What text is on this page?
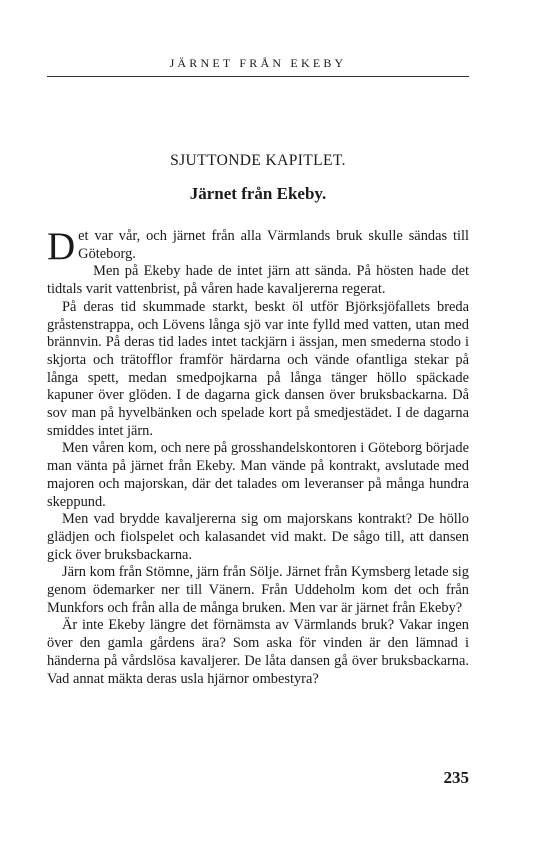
JÄRNET FRÅN EKEBY
SJUTTONDE KAPITLET.
Järnet från Ekeby.

Det var vår, och järnet från alla Värmlands bruk skulle sändas till Göteborg.

Men på Ekeby hade de intet järn att sända. På hösten hade det tidtals varit vattenbrist, på våren hade kavaljererna regerat.

På deras tid skummade starkt, beskt öl utför Björksjöfallets breda gråstenstrappa, och Lövens långa sjö var inte fylld med vatten, utan med brännvin. På deras tid lades intet tackjärn i ässjan, men smederna stodo i skjorta och trätofflor framför härdarna och vände ofantliga stekar på långa spett, medan smedpojkarna på långa tänger höllo späckade kapuner över glöden. I de dagarna gick dansen över bruksbackarna. Då sov man på hyvelbänken och spelade kort på smedjestädet. I de dagarna smiddes intet järn.

Men våren kom, och nere på grosshandelskontoren i Göteborg började man vänta på järnet från Ekeby. Man vände på kontrakt, avslutade med majoren och majorskan, där det talades om leveranser på många hundra skeppund.

Men vad brydde kavaljererna sig om majorskans kontrakt? De höllo glädjen och fiolspelet och kalasandet vid makt. De sågo till, att dansen gick över bruksbackarna.

Järn kom från Stömne, järn från Sölje. Järnet från Kymsberg letade sig genom ödemarker ner till Vänern. Från Uddeholm kom det och från Munkfors och från alla de många bruken. Men var är järnet från Ekeby?

Är inte Ekeby längre det förnämsta av Värmlands bruk? Vakar ingen över den gamla gårdens ära? Som aska för vinden är den lämnad i händerna på vårdslösa kavaljerer. De låta dansen gå över bruksbackarna. Vad annat mäkta deras usla hjärnor ombestyra?

235
